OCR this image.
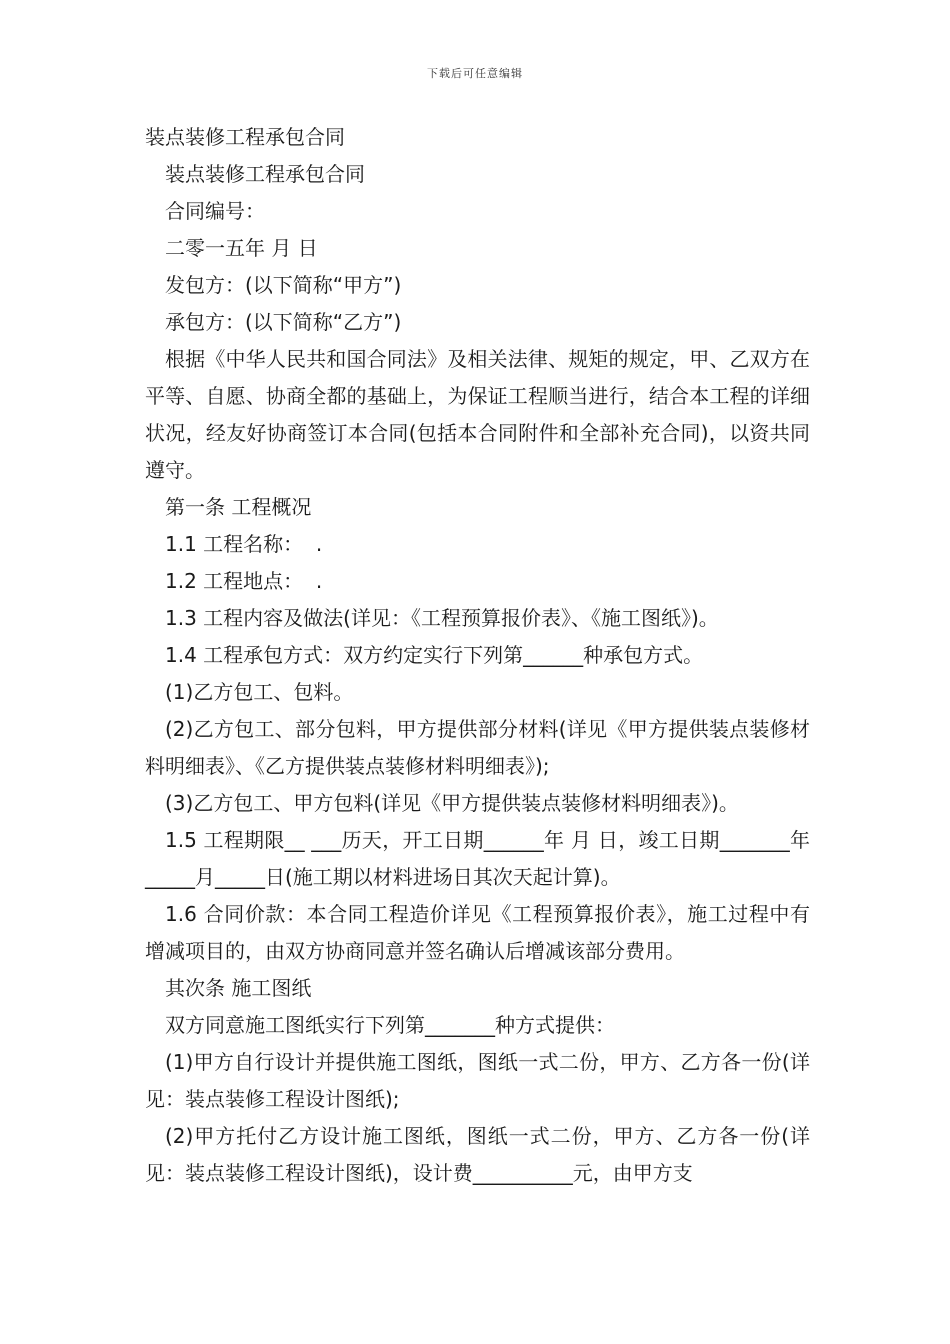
下载后可任意编辑
装点装修工程承包合同
装点装修工程承包合同
合同编号：
二零一五年 月 日
发包方：(以下简称“甲方”)
承包方：(以下简称“乙方”)
根据《中华人民共和国合同法》及相关法律、规矩的规定，甲、乙双方在平等、自愿、协商全都的基础上，为保证工程顺当进行，结合本工程的详细状况，经友好协商签订本合同(包括本合同附件和全部补充合同)，以资共同遵守。
第一条 工程概况
1.1 工程名称：  .
1.2 工程地点：  .
1.3 工程内容及做法(详见：《工程预算报价表》、《施工图纸》)。
1.4 工程承包方式：双方约定实行下列第______种承包方式。
(1)乙方包工、包料。
(2)乙方包工、部分包料，甲方提供部分材料(详见《甲方提供装点装修材料明细表》、《乙方提供装点装修材料明细表》);
(3)乙方包工、甲方包料(详见《甲方提供装点装修材料明细表》)。
1.5 工程期限__ ___历天，开工日期______年 月 日，竣工日期_______年_____月_____日(施工期以材料进场日其次天起计算)。
1.6 合同价款：本合同工程造价详见《工程预算报价表》，施工过程中有增减项目的，由双方协商同意并签名确认后增减该部分费用。
其次条 施工图纸
双方同意施工图纸实行下列第_______种方式提供：
(1)甲方自行设计并提供施工图纸，图纸一式二份，甲方、乙方各一份(详见：装点装修工程设计图纸);
(2)甲方托付乙方设计施工图纸，图纸一式二份，甲方、乙方各一份(详见：装点装修工程设计图纸)，设计费__________元，由甲方支
